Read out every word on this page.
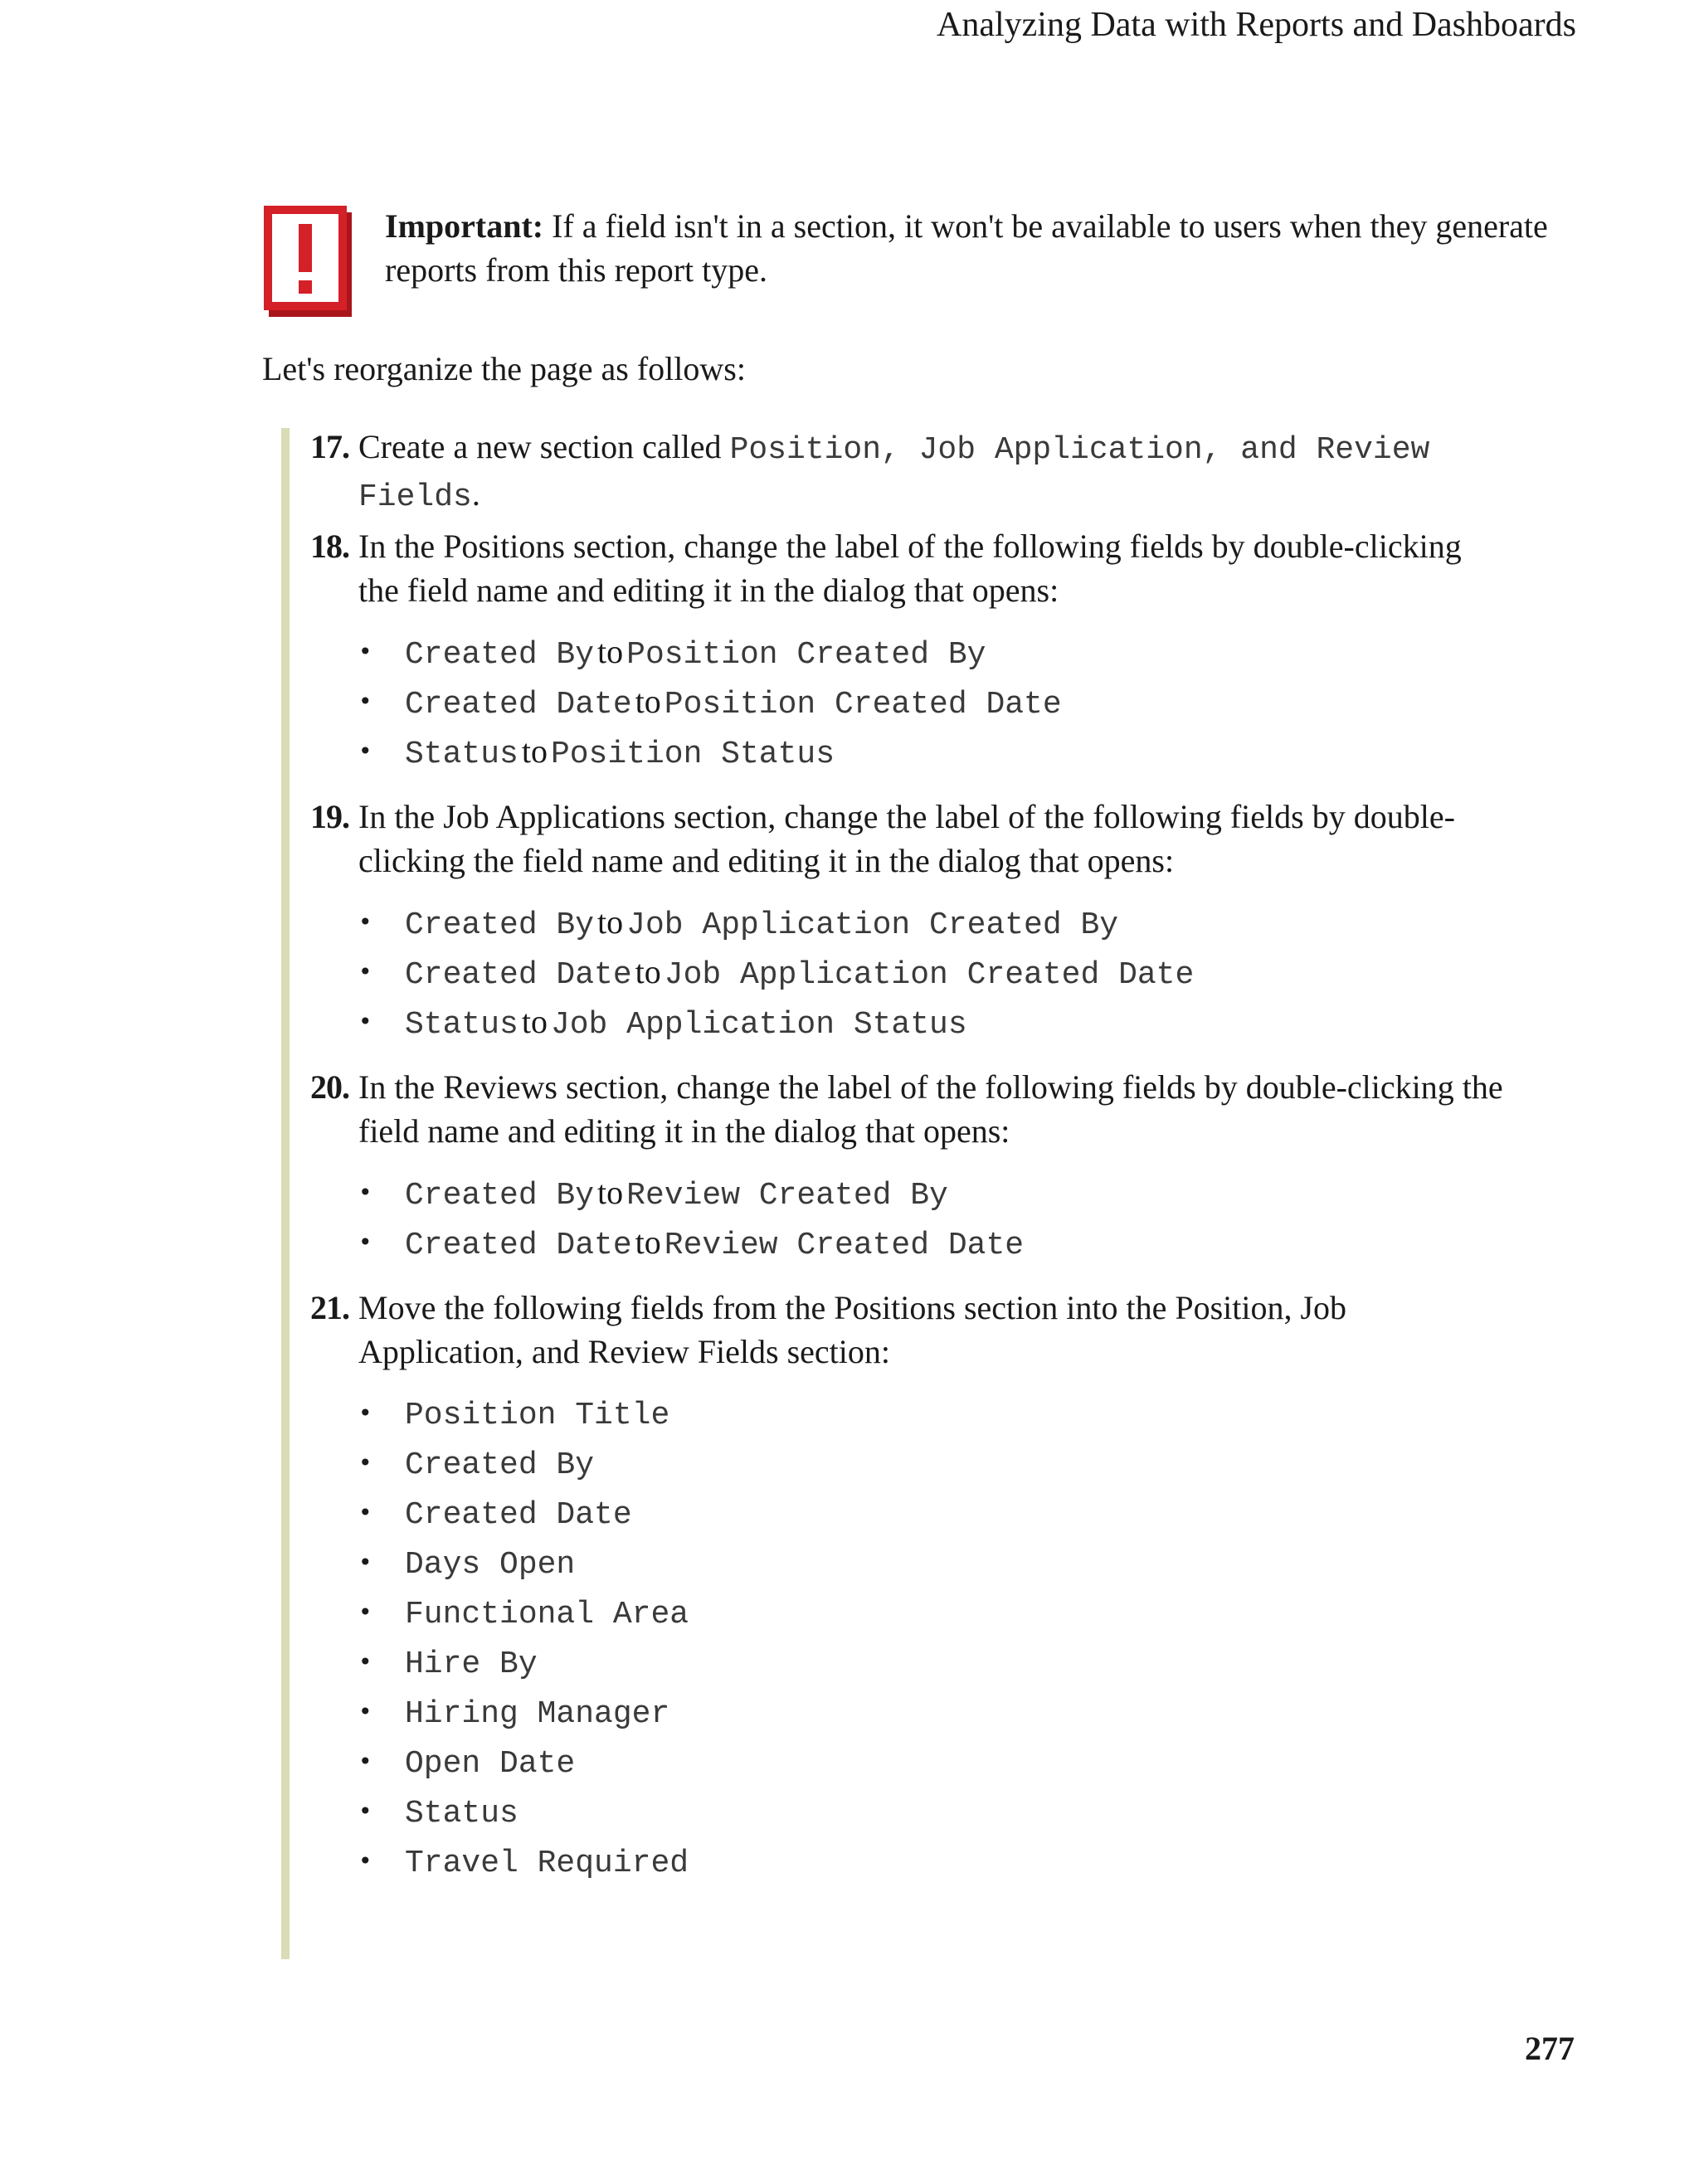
Analyzing Data with Reports and Dashboards
Important: If a field isn't in a section, it won't be available to users when they generate reports from this report type.
Let's reorganize the page as follows:
17. Create a new section called Position, Job Application, and Review Fields.
18. In the Positions section, change the label of the following fields by double-clicking the field name and editing it in the dialog that opens:
• Created By to Position Created By
• Created Date to Position Created Date
• Status to Position Status
19. In the Job Applications section, change the label of the following fields by double-clicking the field name and editing it in the dialog that opens:
• Created By to Job Application Created By
• Created Date to Job Application Created Date
• Status to Job Application Status
20. In the Reviews section, change the label of the following fields by double-clicking the field name and editing it in the dialog that opens:
• Created By to Review Created By
• Created Date to Review Created Date
21. Move the following fields from the Positions section into the Position, Job Application, and Review Fields section:
• Position Title
• Created By
• Created Date
• Days Open
• Functional Area
• Hire By
• Hiring Manager
• Open Date
• Status
• Travel Required
277
